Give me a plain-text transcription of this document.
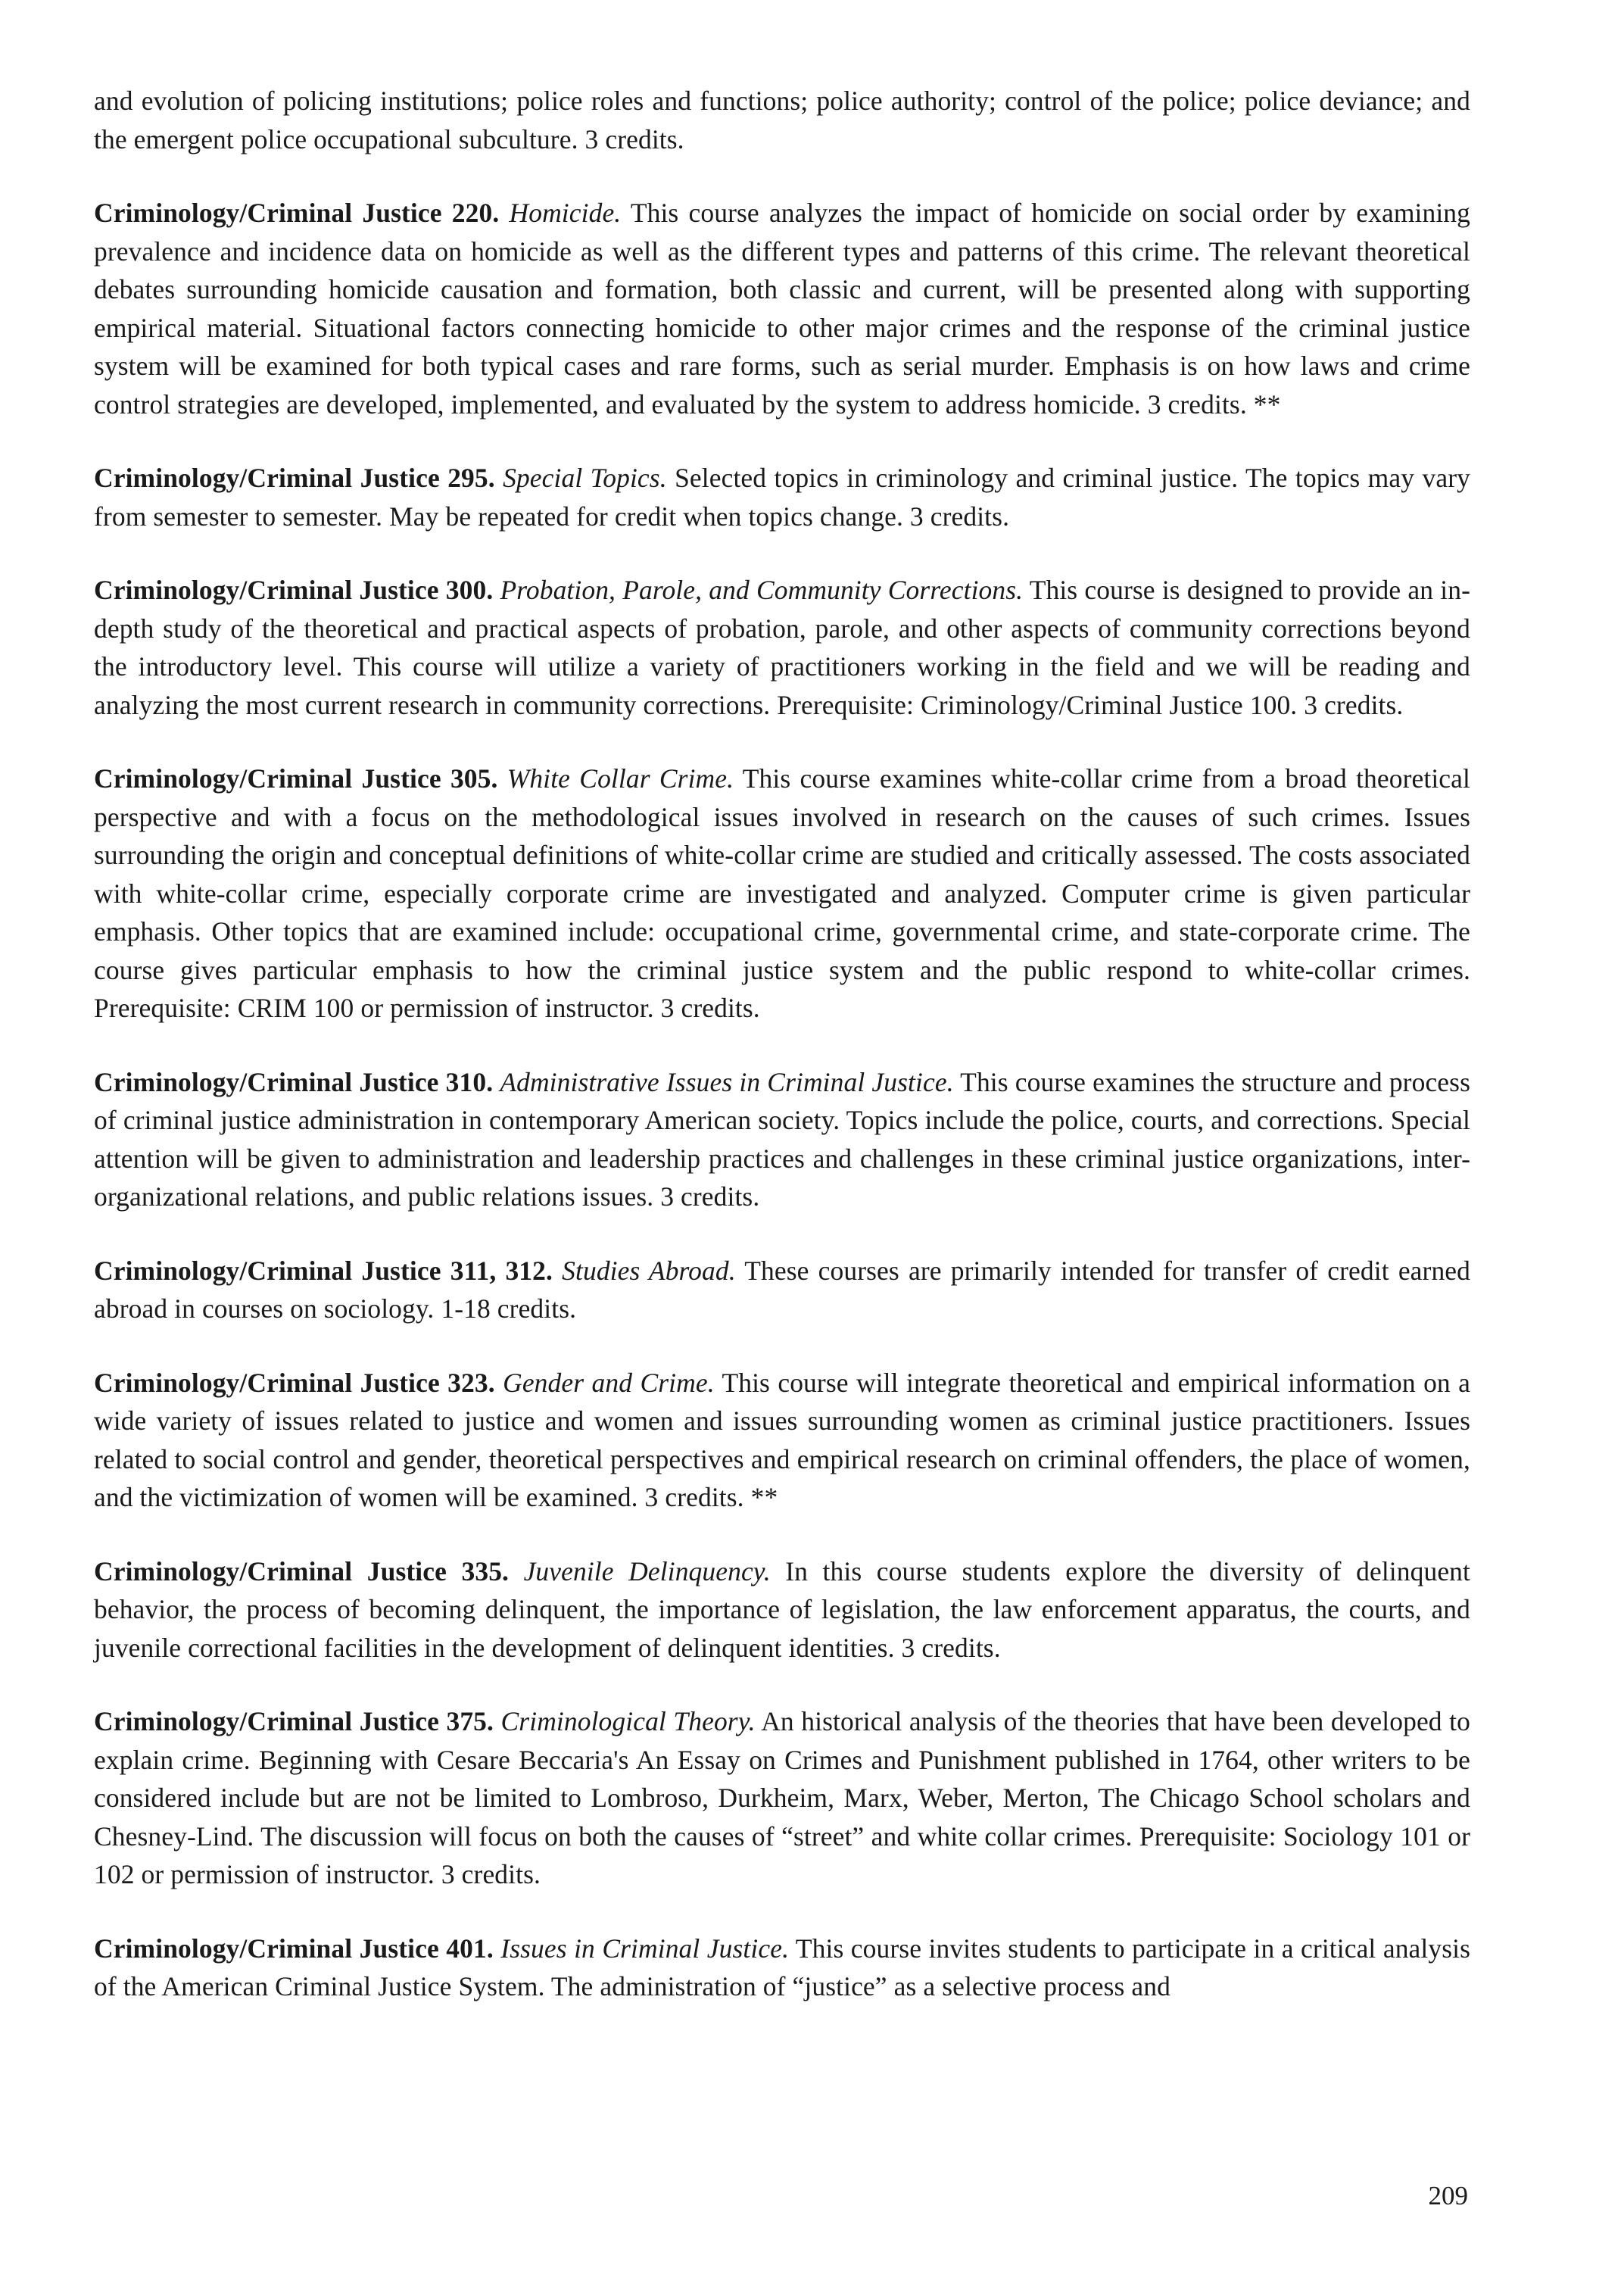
and evolution of policing institutions; police roles and functions; police authority; control of the police; police deviance; and the emergent police occupational subculture. 3 credits.

Criminology/Criminal Justice 220. Homicide. This course analyzes the impact of homicide on social order by examining prevalence and incidence data on homicide as well as the different types and patterns of this crime. The relevant theoretical debates surrounding homicide causation and formation, both classic and current, will be presented along with supporting empirical material. Situational factors connecting homicide to other major crimes and the response of the criminal justice system will be examined for both typical cases and rare forms, such as serial murder. Emphasis is on how laws and crime control strategies are developed, implemented, and evaluated by the system to address homicide. 3 credits. **

Criminology/Criminal Justice 295. Special Topics. Selected topics in criminology and criminal justice. The topics may vary from semester to semester. May be repeated for credit when topics change. 3 credits.

Criminology/Criminal Justice 300. Probation, Parole, and Community Corrections. This course is designed to provide an in-depth study of the theoretical and practical aspects of probation, parole, and other aspects of community corrections beyond the introductory level. This course will utilize a variety of practitioners working in the field and we will be reading and analyzing the most current research in community corrections. Prerequisite: Criminology/Criminal Justice 100. 3 credits.

Criminology/Criminal Justice 305. White Collar Crime. This course examines white-collar crime from a broad theoretical perspective and with a focus on the methodological issues involved in research on the causes of such crimes. Issues surrounding the origin and conceptual definitions of white-collar crime are studied and critically assessed. The costs associated with white-collar crime, especially corporate crime are investigated and analyzed. Computer crime is given particular emphasis. Other topics that are examined include: occupational crime, governmental crime, and state-corporate crime. The course gives particular emphasis to how the criminal justice system and the public respond to white-collar crimes. Prerequisite: CRIM 100 or permission of instructor. 3 credits.

Criminology/Criminal Justice 310. Administrative Issues in Criminal Justice. This course examines the structure and process of criminal justice administration in contemporary American society. Topics include the police, courts, and corrections. Special attention will be given to administration and leadership practices and challenges in these criminal justice organizations, inter-organizational relations, and public relations issues. 3 credits.

Criminology/Criminal Justice 311, 312. Studies Abroad. These courses are primarily intended for transfer of credit earned abroad in courses on sociology. 1-18 credits.

Criminology/Criminal Justice 323. Gender and Crime. This course will integrate theoretical and empirical information on a wide variety of issues related to justice and women and issues surrounding women as criminal justice practitioners. Issues related to social control and gender, theoretical perspectives and empirical research on criminal offenders, the place of women, and the victimization of women will be examined. 3 credits. **

Criminology/Criminal Justice 335. Juvenile Delinquency. In this course students explore the diversity of delinquent behavior, the process of becoming delinquent, the importance of legislation, the law enforcement apparatus, the courts, and juvenile correctional facilities in the development of delinquent identities. 3 credits.

Criminology/Criminal Justice 375. Criminological Theory. An historical analysis of the theories that have been developed to explain crime. Beginning with Cesare Beccaria's An Essay on Crimes and Punishment published in 1764, other writers to be considered include but are not be limited to Lombroso, Durkheim, Marx, Weber, Merton, The Chicago School scholars and Chesney-Lind. The discussion will focus on both the causes of “street” and white collar crimes. Prerequisite: Sociology 101 or 102 or permission of instructor. 3 credits.

Criminology/Criminal Justice 401. Issues in Criminal Justice. This course invites students to participate in a critical analysis of the American Criminal Justice System. The administration of “justice” as a selective process and

209
